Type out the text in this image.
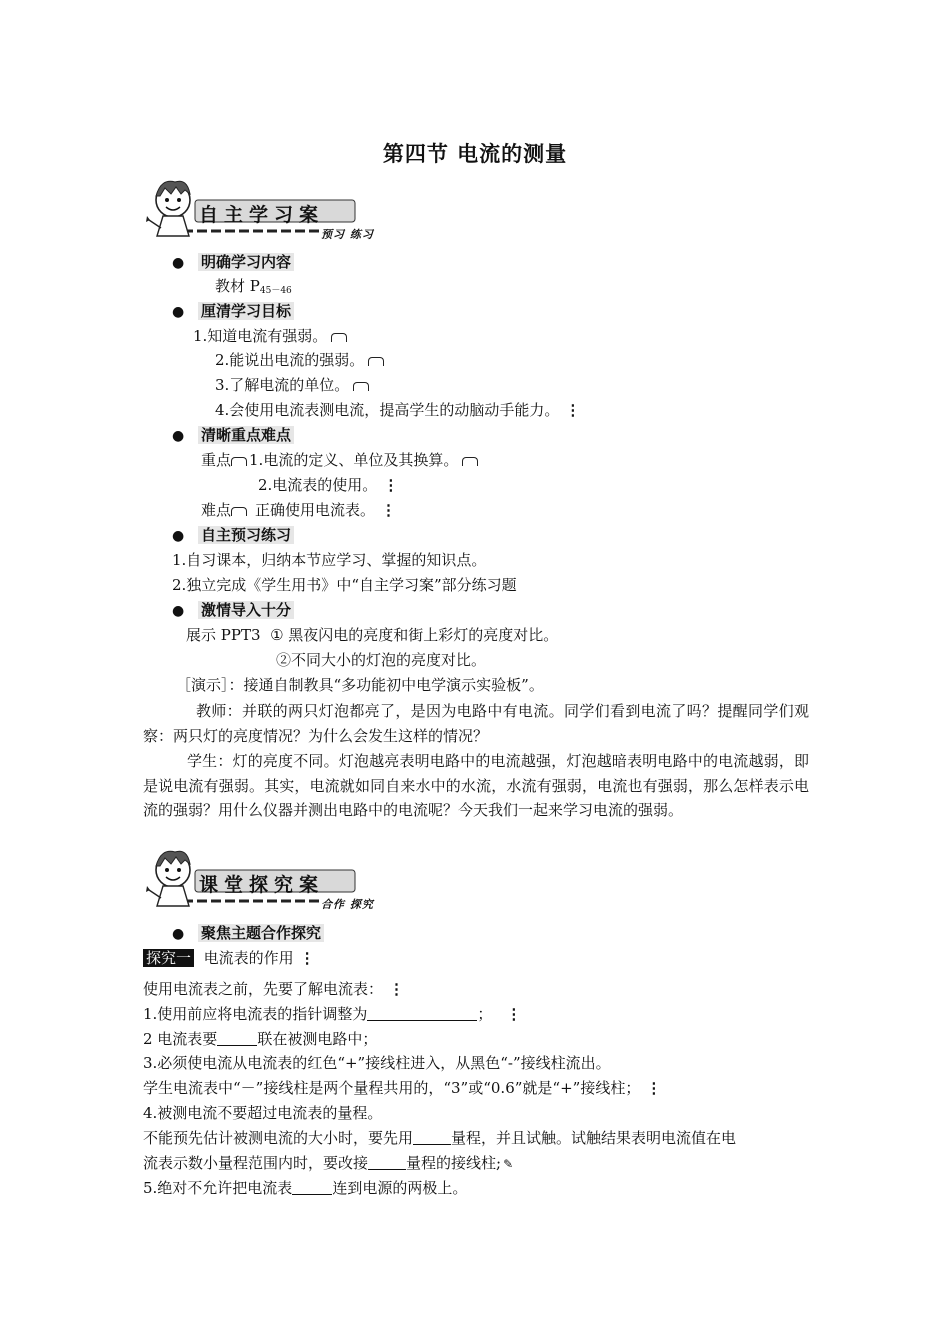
第四节 电流的测量
自主学习案
预习 练习
● 明确学习内容
教材 $P_{45-46}$
● 厘清学习目标
1.知道电流有强弱。
2.能说出电流的强弱。
3.了解电流的单位。
4.会使用电流表测电流，提高学生的动脑动手能力。 ⋮
● 清晰重点难点
重点 1.电流的定义、单位及其换算。
2.电流表的使用。 ⋮
难点 正确使用电流表。 ⋮
● 自主预习练习
1.自习课本，归纳本节应学习、掌握的知识点。
2.独立完成《学生用书》中“自主学习案”部分练习题
● 激情导入十分
展示 PPT3 ① 黑夜闪电的亮度和街上彩灯的亮度对比。
②不同大小的灯泡的亮度对比。
［演示］：接通自制教具“多功能初中电学演示实验板”。
教师：并联的两只灯泡都亮了，是因为电路中有电流。同学们看到电流了吗？提醒同学们观察：两只灯的亮度情况？为什么会发生这样的情况？
学生：灯的亮度不同。灯泡越亮表明电路中的电流越强，灯泡越暗表明电路中的电流越弱，即是说电流有强弱。其实，电流就如同自来水中的水流，水流有强弱，电流也有强弱，那么怎样表示电流的强弱？用什么仪器并测出电路中的电流呢？今天我们一起来学习电流的强弱。
课堂探究案
合作 探究
● 聚焦主题合作探究
探究一 电流表的作用 ⋮
使用电流表之前，先要了解电流表： ⋮
1.使用前应将电流表的指针调整为	； ⋮
2 电流表要	联在被测电路中；
3.必须使电流从电流表的红色“+”接线柱进入，从黑色“-”接线柱流出。
学生电流表中“－”接线柱是两个量程共用的，“3”或“0.6”就是“+”接线柱； ⋮
4.被测电流不要超过电流表的量程。
不能预先估计被测电流的大小时，要先用	量程，并且试触。试触结果表明电流值在电
流表示数小量程范围内时，要改接	量程的接线柱; ✎
5.绝对不允许把电流表	连到电源的两极上。
